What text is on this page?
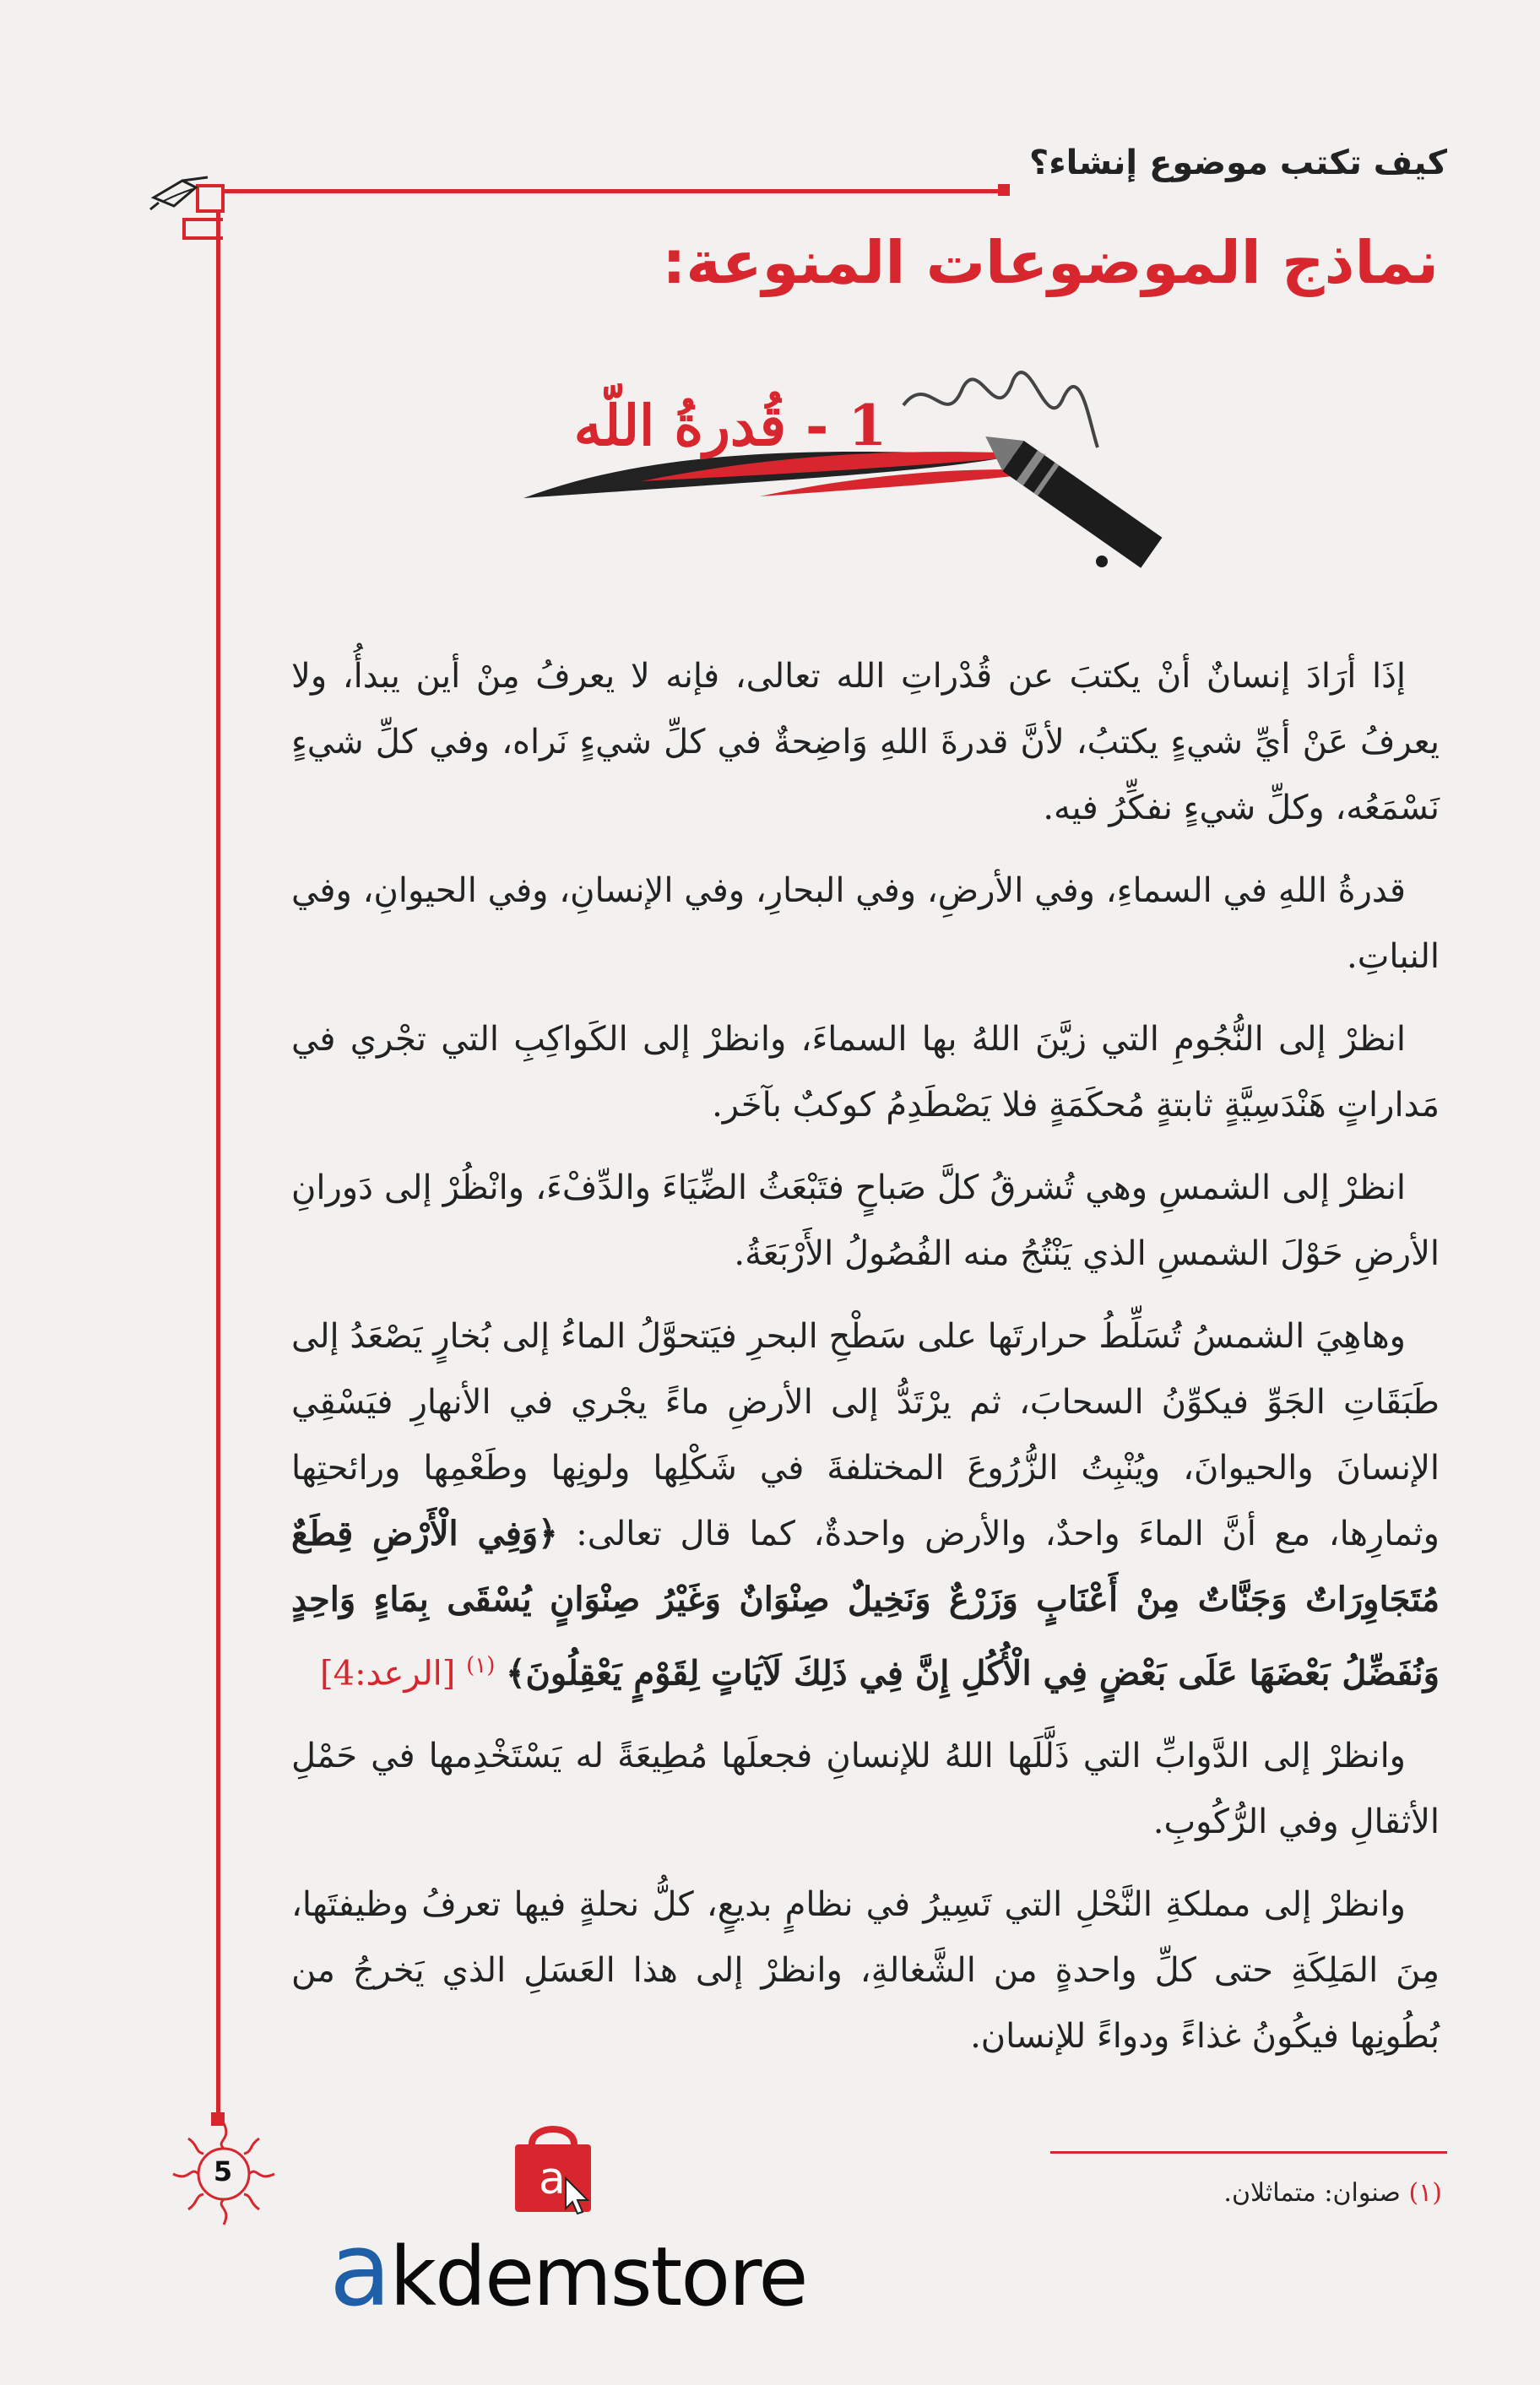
كيف تكتب موضوع إنشاء؟
نماذج الموضوعات المنوعة:
1 - قُدرةُ اللّه

إذَا أرَادَ إنسانٌ أنْ يكتبَ عن قُدْراتِ الله تعالى، فإنه لا يعرفُ مِنْ أين يبدأُ، ولا يعرفُ عَنْ أيِّ شيءٍ يكتبُ، لأنَّ قدرةَ اللهِ وَاضِحةٌ في كلِّ شيءٍ نَراه، وفي كلِّ شيءٍ نَسْمَعُه، وكلِّ شيءٍ نفكِّرُ فيه.

قدرةُ اللهِ في السماءِ، وفي الأرضِ، وفي البحارِ، وفي الإنسانِ، وفي الحيوانِ، وفي النباتِ.

انظرْ إلى النُّجُومِ التي زيَّنَ اللهُ بها السماءَ، وانظرْ إلى الكَواكِبِ التي تجْري في مَداراتٍ هَنْدَسِيَّةٍ ثابتةٍ مُحكَمَةٍ فلا يَصْطَدِمُ كوكبٌ بآخَر.

انظرْ إلى الشمسِ وهي تُشرقُ كلَّ صَباحٍ فتَبْعَثُ الضِّيَاءَ والدِّفْءَ، وانْظُرْ إلى دَورانِ الأرضِ حَوْلَ الشمسِ الذي يَنْتُجُ منه الفُصُولُ الأَرْبَعَةُ.

وهاهِيَ الشمسُ تُسَلِّطُ حرارتَها على سَطْحِ البحرِ فيَتحوَّلُ الماءُ إلى بُخارٍ يَصْعَدُ إلى طَبَقَاتِ الجَوِّ فيكوِّنُ السحابَ، ثم يرْتَدُّ إلى الأرضِ ماءً يجْري في الأنهارِ فيَسْقِي الإنسانَ والحيوانَ، ويُنْبِتُ الزُّرُوعَ المختلفةَ في شَكْلِها ولونِها وطَعْمِها ورائحتِها وثمارِها، مع أنَّ الماءَ واحدٌ، والأرض واحدةٌ، كما قال تعالى: ﴿وَفِي الْأَرْضِ قِطَعٌ مُتَجَاوِرَاتٌ وَجَنَّاتٌ مِنْ أَعْنَابٍ وَزَرْعٌ وَنَخِيلٌ صِنْوَانٌ وَغَيْرُ صِنْوَانٍ يُسْقَى بِمَاءٍ وَاحِدٍ وَنُفَضِّلُ بَعْضَهَا عَلَى بَعْضٍ فِي الْأُكُلِ إِنَّ فِي ذَلِكَ لَآيَاتٍ لِقَوْمٍ يَعْقِلُونَ﴾ $^{(١)}$ [الرعد:4]

وانظرْ إلى الدَّوابِّ التي ذَلَّلَها اللهُ للإنسانِ فجعلَها مُطِيعَةً له يَسْتَخْدِمها في حَمْلِ الأثقالِ وفي الرُّكُوبِ.

وانظرْ إلى مملكةِ النَّحْلِ التي تَسِيرُ في نظامٍ بديعٍ، كلُّ نحلةٍ فيها تعرفُ وظيفتَها، مِنَ المَلِكَةِ حتى كلِّ واحدةٍ من الشَّغالةِ، وانظرْ إلى هذا العَسَلِ الذي يَخرجُ من بُطُونِها فيكُونُ غذاءً ودواءً للإنسان.

(١) صنوان: متماثلان.
5	a
akdemstore
